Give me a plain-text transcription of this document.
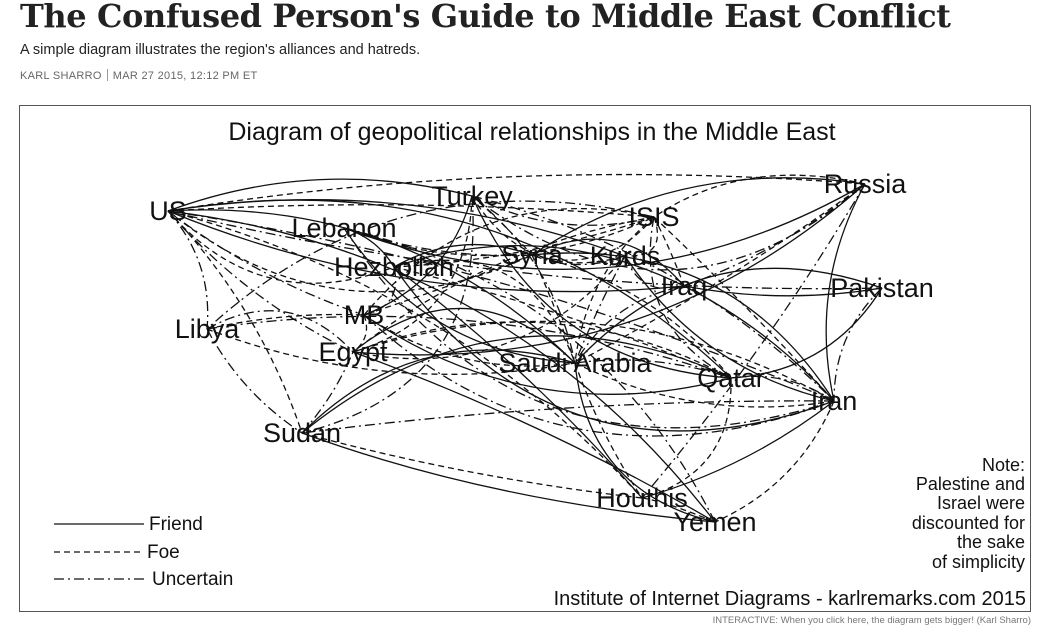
The Confused Person's Guide to Middle East Conflict

A simple diagram illustrates the region's alliances and hatreds.

KARL SHARRO MAR 27 2015, 12:12 PM ET
Diagram of geopolitical relationships in the Middle East
US	Turkey	Russia
Lebanon	ISIS
Syria Kurds
Hezbollah
Iraq	Pakistan
Libya	MB
Egypt	Saudi Arabia Qatar
Iran
Sudan
Houthis
Yemen
Friend
Foe
Uncertain
Note:
Palestine and
Israel were
discounted for
the sake
of simplicity
Institute of Internet Diagrams - karlremarks.com 2015
INTERACTIVE: When you click here, the diagram gets bigger! (Karl Sharro)
